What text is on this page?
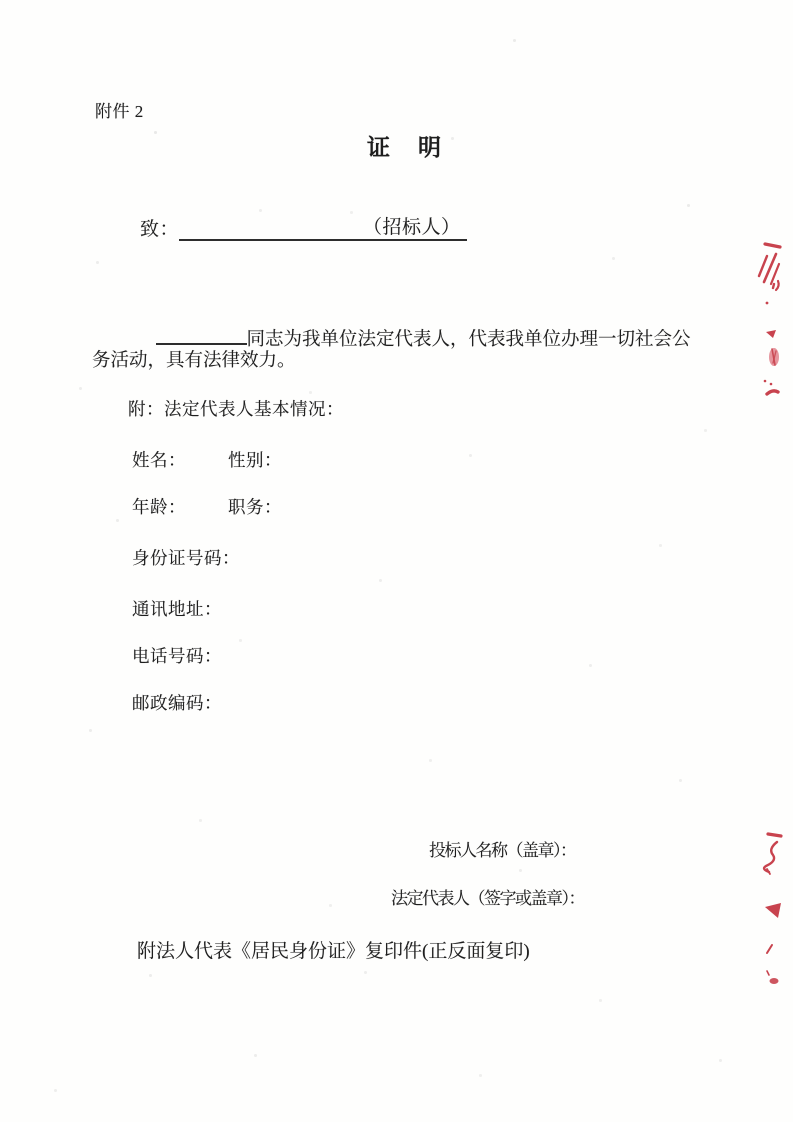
附件 2
证    明
致：	（招标人）

同志为我单位法定代表人，代表我单位办理一切社会公

务活动，具有法律效力。
附：法定代表人基本情况：
姓名： 性别：
年龄： 职务：
身份证号码：
通讯地址：
电话号码：
邮政编码：
投标人名称（盖章）：
法定代表人（签字或盖章）：
附法人代表《居民身份证》复印件(正反面复印)
